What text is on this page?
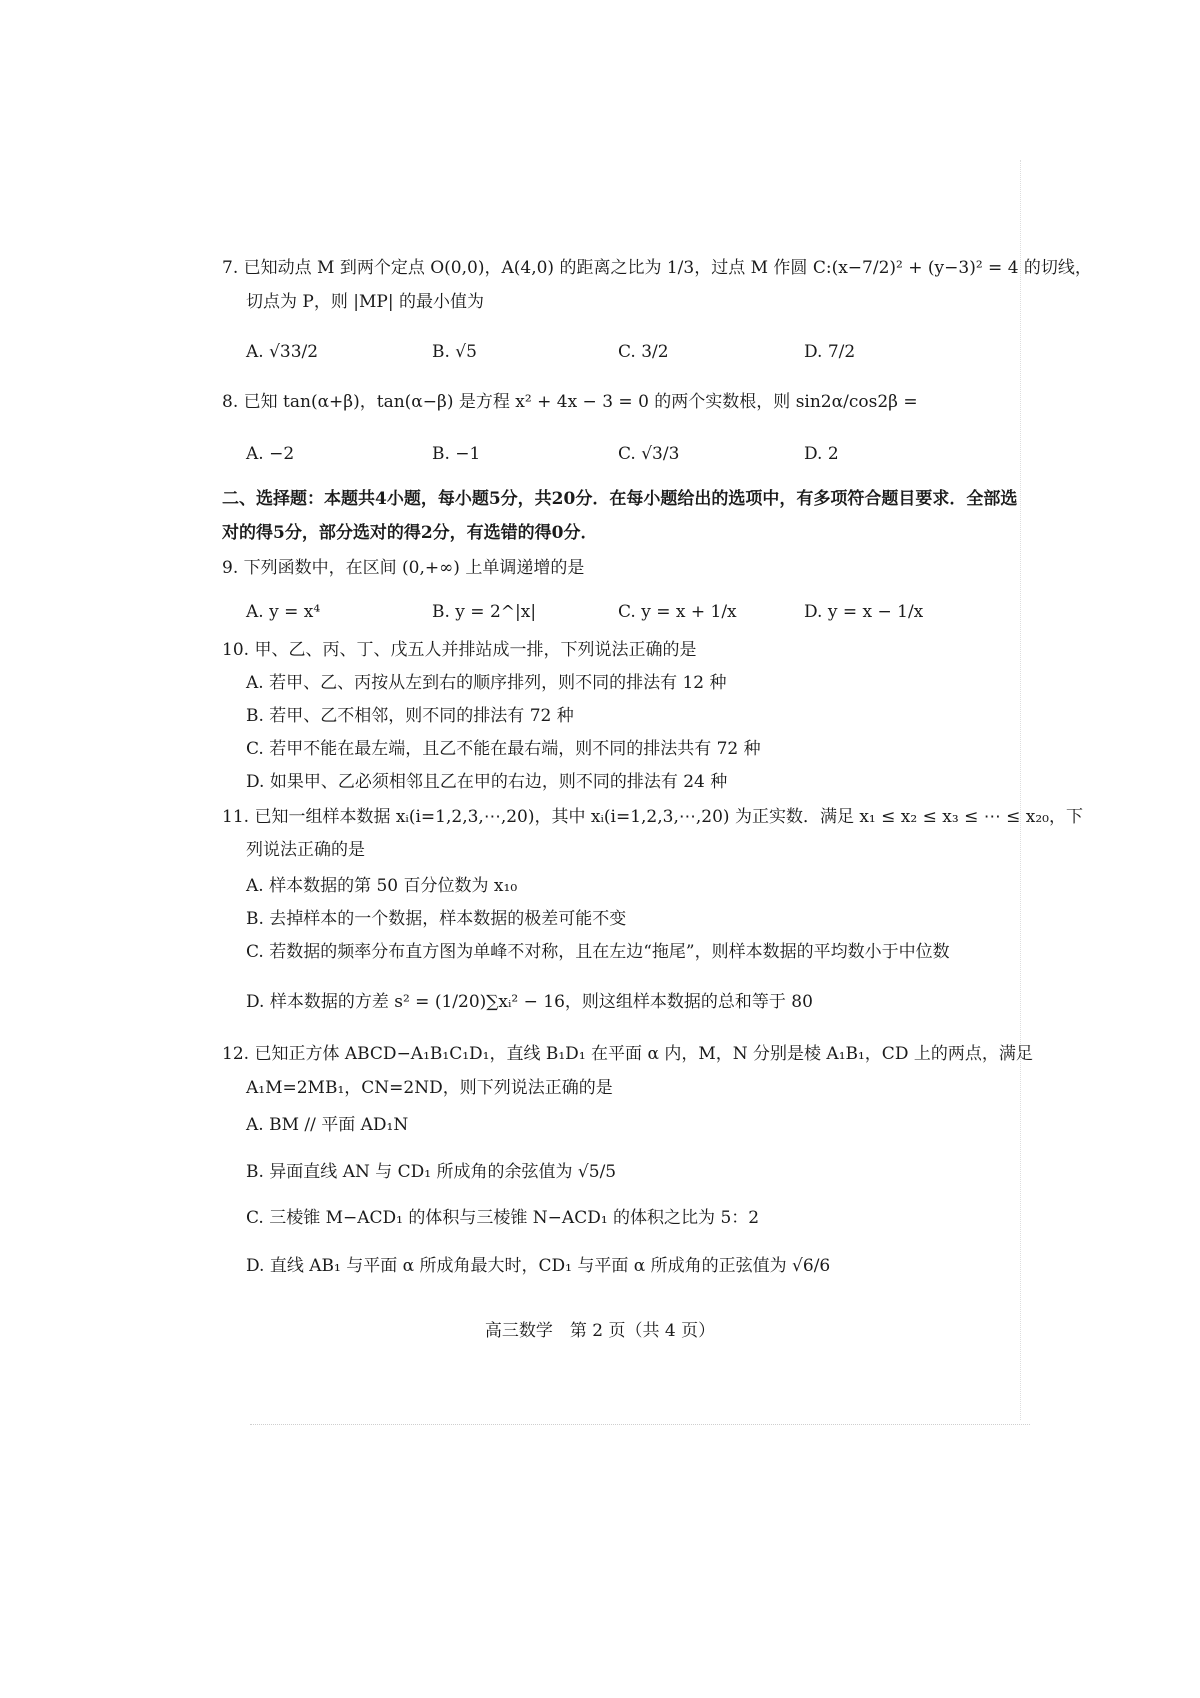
7. 已知动点 M 到两个定点 O(0,0)，A(4,0) 的距离之比为 1/3，过点 M 作圆 C:(x−7/2)² + (y−3)² = 4 的切线，
切点为 P，则 |MP| 的最小值为
A. √33/2	B. √5	C. 3/2	D. 7/2
8. 已知 tan(α+β)，tan(α−β) 是方程 x² + 4x − 3 = 0 的两个实数根，则 sin2α/cos2β =
A. −2	B. −1	C. √3/3	D. 2
二、选择题：本题共4小题，每小题5分，共20分．在每小题给出的选项中，有多项符合题目要求．全部选
对的得5分，部分选对的得2分，有选错的得0分．
9. 下列函数中，在区间 (0,+∞) 上单调递增的是
A. y = x⁴	B. y = 2^|x|	C. y = x + 1/x	D. y = x − 1/x
10. 甲、乙、丙、丁、戊五人并排站成一排，下列说法正确的是
A. 若甲、乙、丙按从左到右的顺序排列，则不同的排法有 12 种
B. 若甲、乙不相邻，则不同的排法有 72 种
C. 若甲不能在最左端，且乙不能在最右端，则不同的排法共有 72 种
D. 如果甲、乙必须相邻且乙在甲的右边，则不同的排法有 24 种
11. 已知一组样本数据 xᵢ(i=1,2,3,⋯,20)，其中 xᵢ(i=1,2,3,⋯,20) 为正实数．满足 x₁ ≤ x₂ ≤ x₃ ≤ ⋯ ≤ x₂₀，下
列说法正确的是
A. 样本数据的第 50 百分位数为 x₁₀
B. 去掉样本的一个数据，样本数据的极差可能不变
C. 若数据的频率分布直方图为单峰不对称，且在左边“拖尾”，则样本数据的平均数小于中位数
D. 样本数据的方差 s² = (1/20)∑xᵢ² − 16，则这组样本数据的总和等于 80
12. 已知正方体 ABCD−A₁B₁C₁D₁，直线 B₁D₁ 在平面 α 内，M，N 分别是棱 A₁B₁，CD 上的两点，满足
A₁M=2MB₁，CN=2ND，则下列说法正确的是
A. BM // 平面 AD₁N
B. 异面直线 AN 与 CD₁ 所成角的余弦值为 √5/5
C. 三棱锥 M−ACD₁ 的体积与三棱锥 N−ACD₁ 的体积之比为 5：2
D. 直线 AB₁ 与平面 α 所成角最大时，CD₁ 与平面 α 所成角的正弦值为 √6/6
高三数学　第 2 页（共 4 页）
